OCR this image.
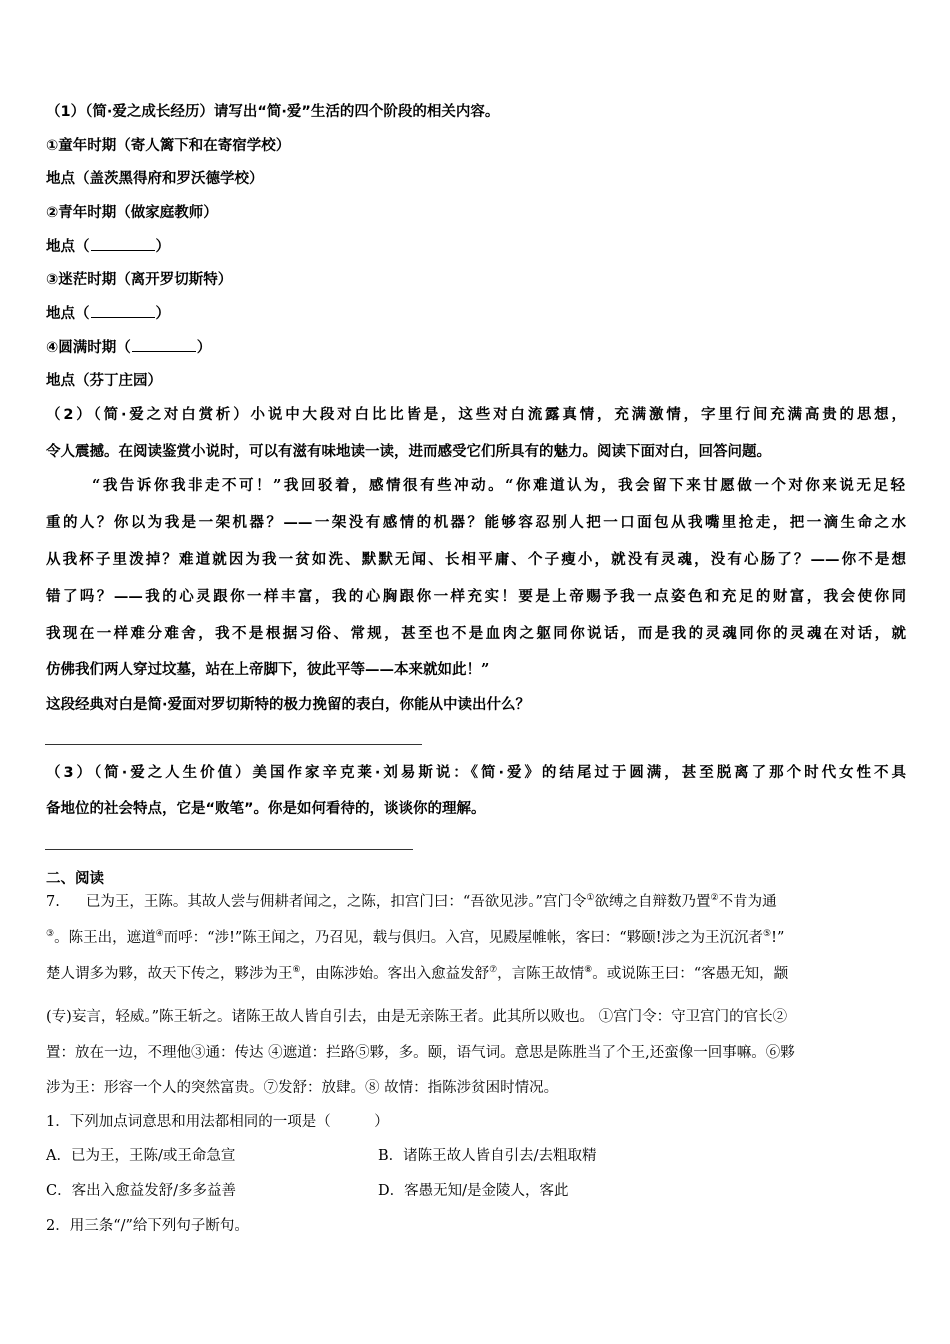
（1）（简·爱之成长经历）请写出“简·爱”生活的四个阶段的相关内容。
①童年时期（寄人篱下和在寄宿学校）
地点（盖茨黑得府和罗沃德学校）
②青年时期（做家庭教师）
地点（	）
③迷茫时期（离开罗切斯特）
地点（	）
④圆满时期（	）
地点（芬丁庄园）
（2）（简·爱之对白赏析）小说中大段对白比比皆是，这些对白流露真情，充满激情，字里行间充满高贵的思想，
令人震撼。在阅读鉴赏小说时，可以有滋有味地读一读，进而感受它们所具有的魅力。阅读下面对白，回答问题。
“我告诉你我非走不可！”我回驳着，感情很有些冲动。“你难道认为，我会留下来甘愿做一个对你来说无足轻
重的人？你以为我是一架机器？——一架没有感情的机器？能够容忍别人把一口面包从我嘴里抢走，把一滴生命之水
从我杯子里泼掉？难道就因为我一贫如洗、默默无闻、长相平庸、个子瘦小，就没有灵魂，没有心肠了？——你不是想
错了吗？——我的心灵跟你一样丰富，我的心胸跟你一样充实！要是上帝赐予我一点姿色和充足的财富，我会使你同
我现在一样难分难舍，我不是根据习俗、常规，甚至也不是血肉之躯同你说话，而是我的灵魂同你的灵魂在对话，就
仿佛我们两人穿过坟墓，站在上帝脚下，彼此平等——本来就如此！”
这段经典对白是简·爱面对罗切斯特的极力挽留的表白，你能从中读出什么？
（3）（简·爱之人生价值）美国作家辛克莱·刘易斯说：《简·爱》的结尾过于圆满，甚至脱离了那个时代女性不具
备地位的社会特点，它是“败笔”。你是如何看待的，谈谈你的理解。
二、阅读
7. 已为王，王陈。其故人尝与佣耕者闻之，之陈，扣宫门曰：“吾欲见涉。”宫门令①欲缚之自辩数乃置②不肯为通
③。陈王出，遮道④而呼：“涉!”陈王闻之，乃召见，载与俱归。入宫，见殿屋帷帐，客曰：“夥颐!涉之为王沉沉者⑤!”
楚人谓多为夥，故天下传之，夥涉为王⑥，由陈涉始。客出入愈益发舒⑦，言陈王故情⑧。或说陈王曰：“客愚无知，颛
(专)妄言，轻威。”陈王斩之。诸陈王故人皆自引去，由是无亲陈王者。此其所以败也。 ①宫门令：守卫宫门的官长②
置：放在一边，不理他③通：传达 ④遮道：拦路⑤夥，多。颐，语气词。意思是陈胜当了个王,还蛮像一回事嘛。⑥夥
涉为王：形容一个人的突然富贵。⑦发舒：放肆。⑧ 故情：指陈涉贫困时情况。
1．下列加点词意思和用法都相同的一项是（　　　）
A．已为王，王陈/或王命急宣	B．诸陈王故人皆自引去/去粗取精
C．客出入愈益发舒/多多益善	D．客愚无知/是金陵人，客此
2．用三条“/”给下列句子断句。
